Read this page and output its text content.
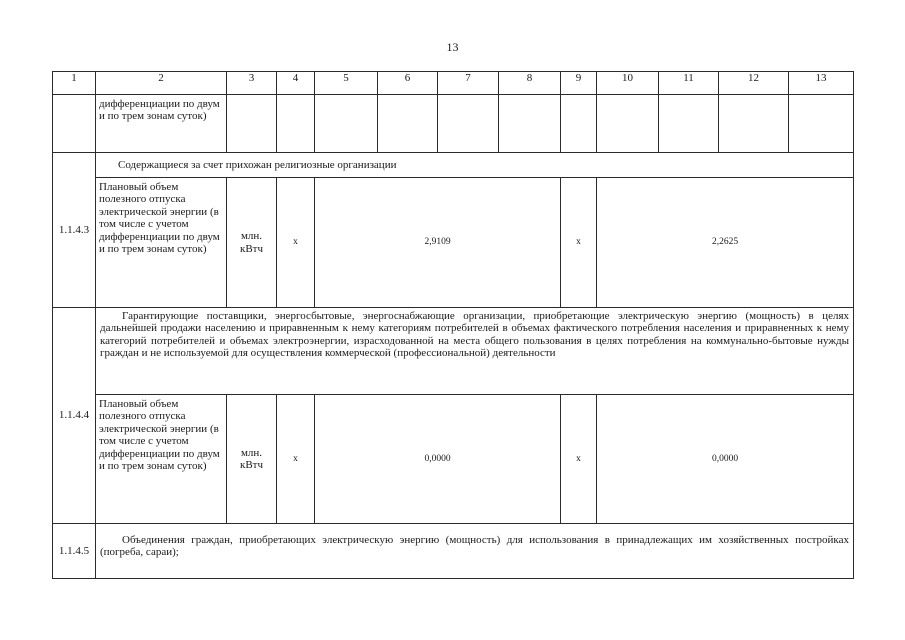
13
1	2	3	4	5	6	7	8	9	10	11	12	13
	дифференциации по двум и по трем зонам суток)											
1.1.4.3	Содержащиеся за счет прихожан религиозные организации											
	Плановый объем полезного отпуска электрической энергии (в том числе с учетом дифференциации по двум и по трем зонам суток)	млн. кВтч	x	2,9109				x	2,2625			
1.1.4.4	Гарантирующие поставщики, энергосбытовые, энергоснабжающие организации, приобретающие электрическую энергию (мощность) в целях дальнейшей продажи населению и приравненным к нему категориям потребителей в объемах фактического потребления населения и приравненных к нему категорий потребителей и объемах электроэнергии, израсходованной на места общего пользования в целях потребления на коммунально-бытовые нужды граждан и не используемой для осуществления коммерческой (профессиональной) деятельности											
	Плановый объем полезного отпуска электрической энергии (в том числе с учетом дифференциации по двум и по трем зонам суток)	млн. кВтч	x	0,0000				x	0,0000			
1.1.4.5	Объединения граждан, приобретающих электрическую энергию (мощность) для использования в принадлежащих им хозяйственных постройках (погреба, сараи);											
